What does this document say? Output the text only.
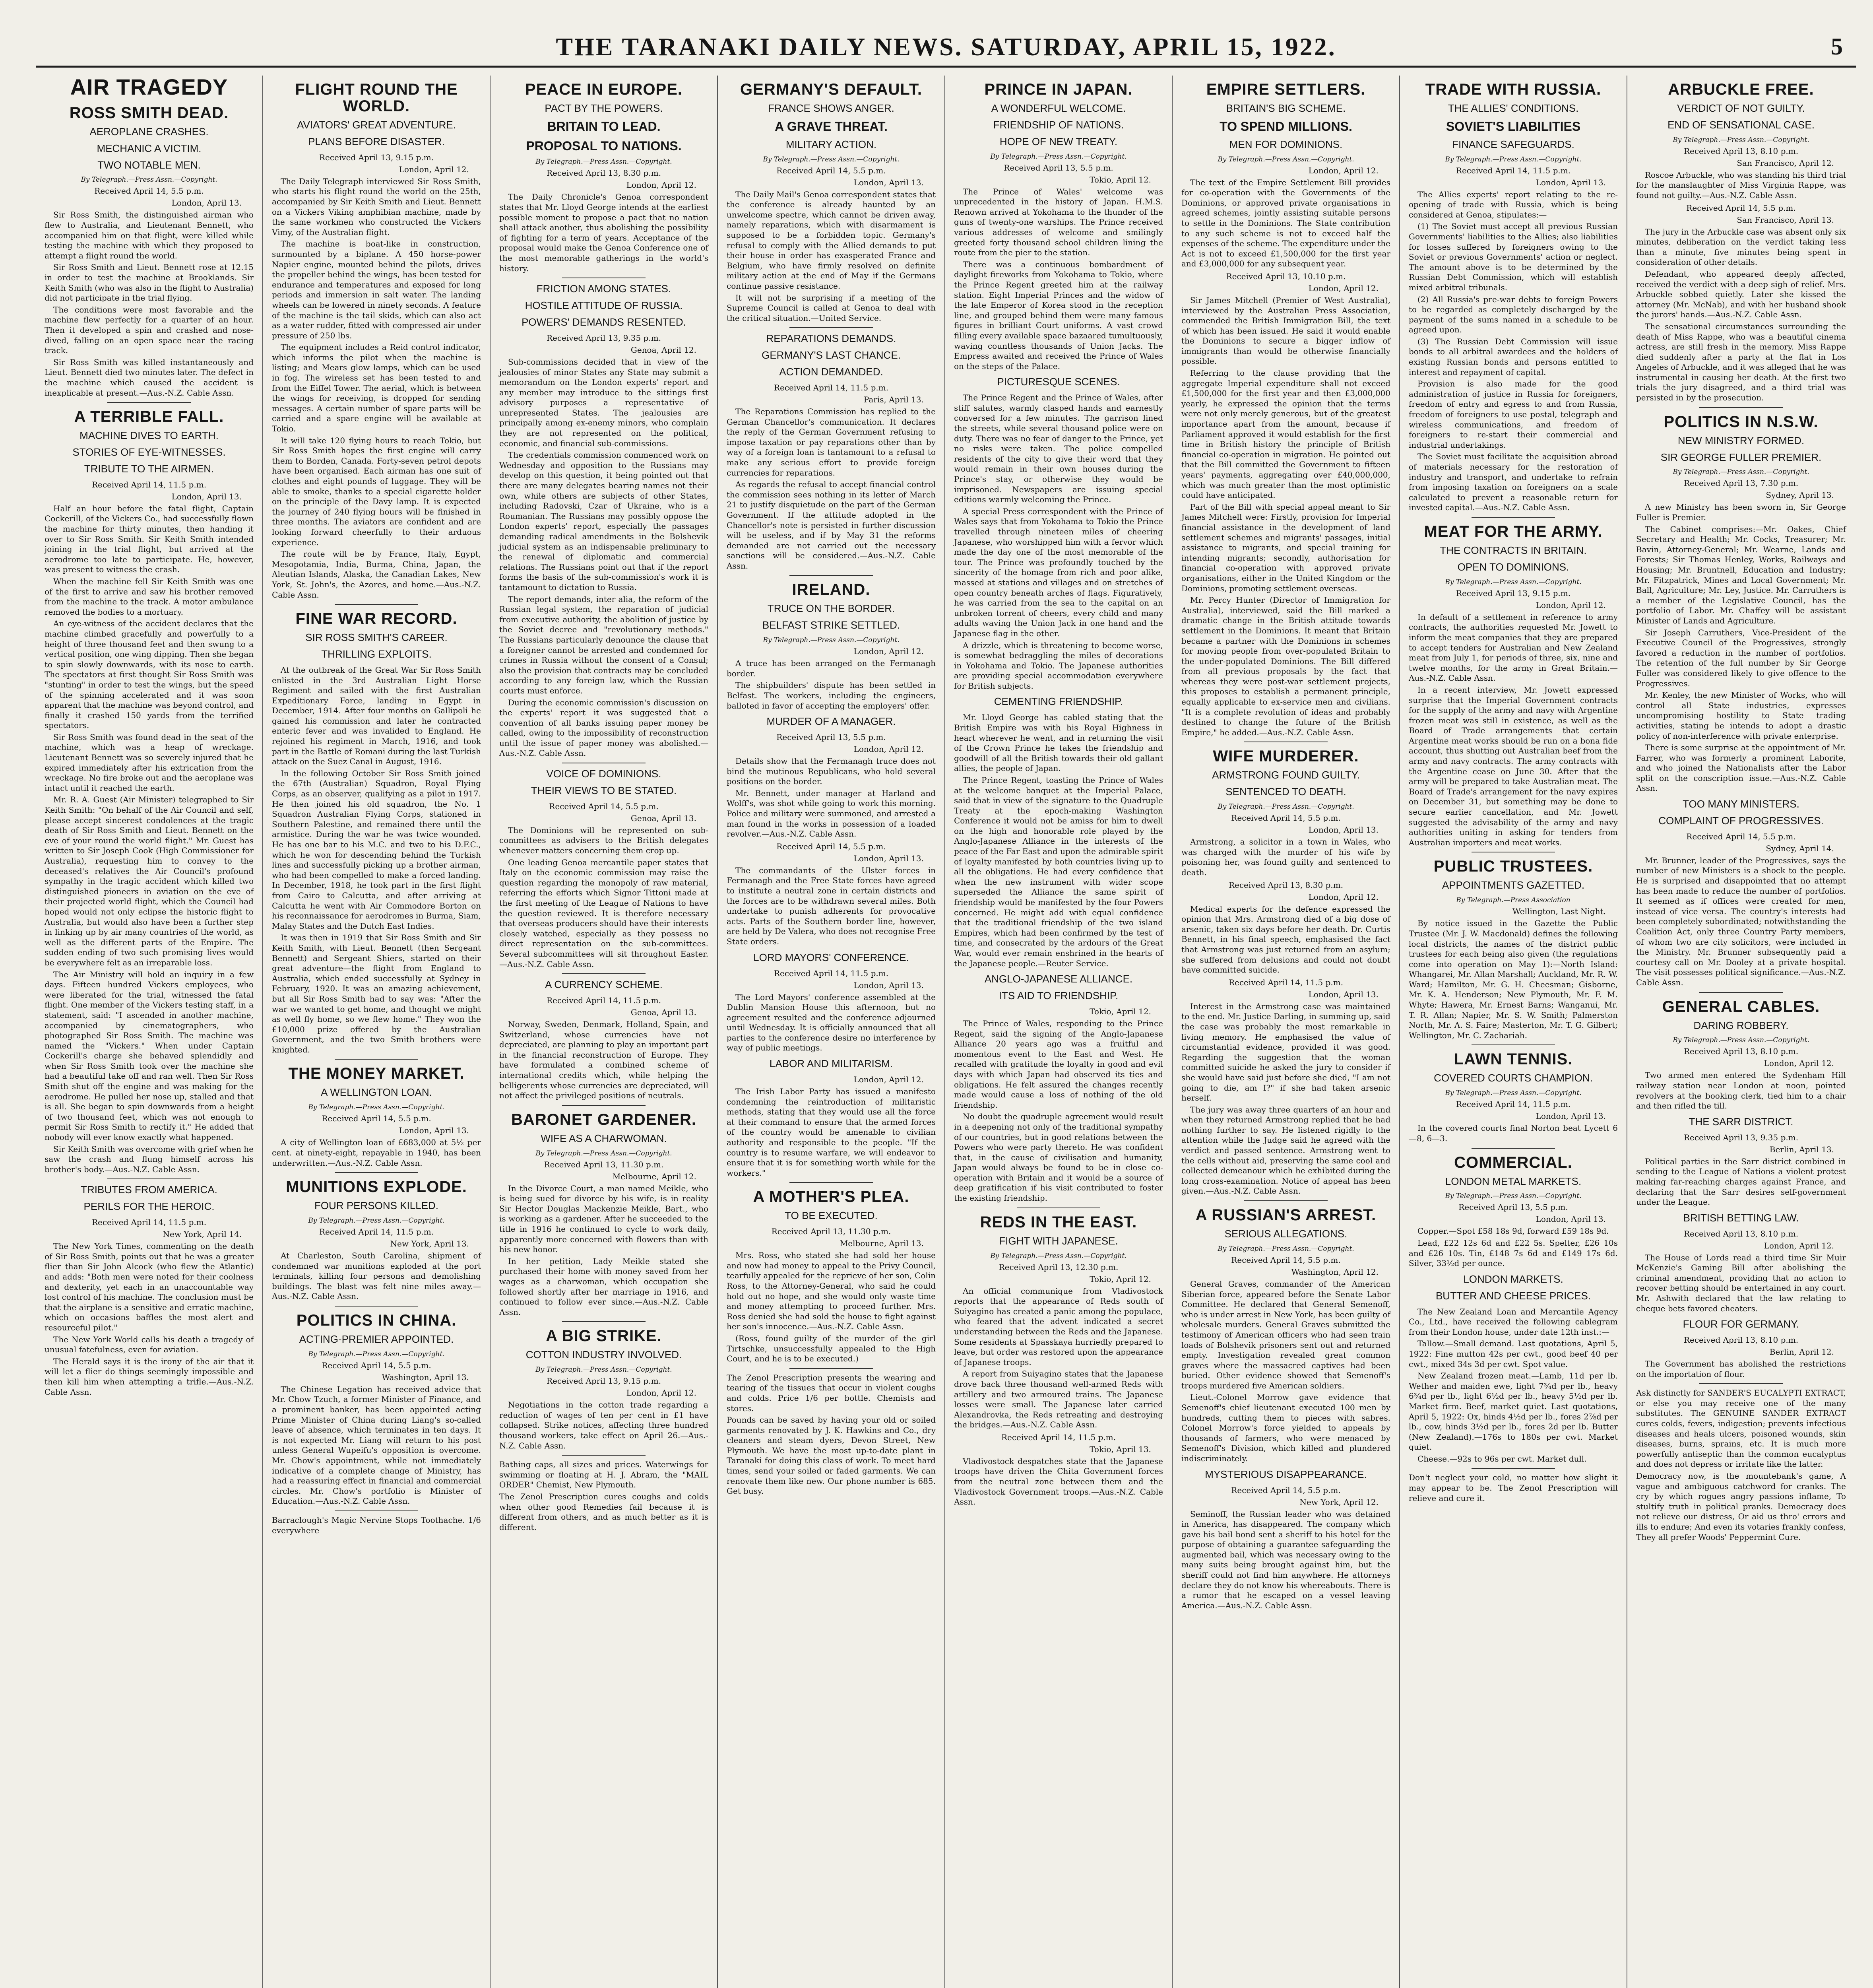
THE TARANAKI DAILY NEWS. SATURDAY, APRIL 15, 1922.	5
AIR TRAGEDY
ROSS SMITH DEAD.
AEROPLANE CRASHES.
MECHANIC A VICTIM.
TWO NOTABLE MEN.
By Telegraph.—Press Assn.—Copyright.
Received April 14, 5.5 p.m.
London, April 13.

Sir Ross Smith, the distinguished airman who flew to Australia, and Lieutenant Bennett, who accompanied him on that flight, were killed while testing the machine with which they proposed to attempt a flight round the world.

Sir Ross Smith and Lieut. Bennett rose at 12.15 in order to test the machine at Brooklands. Sir Keith Smith (who was also in the flight to Australia) did not participate in the trial flying.

The conditions were most favorable and the machine flew perfectly for a quarter of an hour. Then it developed a spin and crashed and nose-dived, falling on an open space near the racing track.

Sir Ross Smith was killed instantaneously and Lieut. Bennett died two minutes later. The defect in the machine which caused the accident is inexplicable at present.—Aus.-N.Z. Cable Assn.

A TERRIBLE FALL.
MACHINE DIVES TO EARTH.
STORIES OF EYE-WITNESSES.
TRIBUTE TO THE AIRMEN.
Received April 14, 11.5 p.m.
London, April 13.

Half an hour before the fatal flight, Captain Cockerill, of the Vickers Co., had successfully flown the machine for thirty minutes, then handing it over to Sir Ross Smith. Sir Keith Smith intended joining in the trial flight, but arrived at the aerodrome too late to participate. He, however, was present to witness the crash.

When the machine fell Sir Keith Smith was one of the first to arrive and saw his brother removed from the machine to the track. A motor ambulance removed the bodies to a mortuary.

An eye-witness of the accident declares that the machine climbed gracefully and powerfully to a height of three thousand feet and then swung to a vertical position, one wing dipping. Then she began to spin slowly downwards, with its nose to earth. The spectators at first thought Sir Ross Smith was "stunting" in order to test the wings, but the speed of the spinning accelerated and it was soon apparent that the machine was beyond control, and finally it crashed 150 yards from the terrified spectators.

Sir Ross Smith was found dead in the seat of the machine, which was a heap of wreckage. Lieutenant Bennett was so severely injured that he expired immediately after his extrication from the wreckage. No fire broke out and the aeroplane was intact until it reached the earth.

Mr. R. A. Guest (Air Minister) telegraphed to Sir Keith Smith: "On behalf of the Air Council and self, please accept sincerest condolences at the tragic death of Sir Ross Smith and Lieut. Bennett on the eve of your round the world flight." Mr. Guest has written to Sir Joseph Cook (High Commissioner for Australia), requesting him to convey to the deceased's relatives the Air Council's profound sympathy in the tragic accident which killed two distinguished pioneers in aviation on the eve of their projected world flight, which the Council had hoped would not only eclipse the historic flight to Australia, but would also have been a further step in linking up by air many countries of the world, as well as the different parts of the Empire. The sudden ending of two such promising lives would be everywhere felt as an irreparable loss.

The Air Ministry will hold an inquiry in a few days. Fifteen hundred Vickers employees, who were liberated for the trial, witnessed the fatal flight. One member of the Vickers testing staff, in a statement, said: "I ascended in another machine, accompanied by cinematographers, who photographed Sir Ross Smith. The machine was named the "Vickers." When under Captain Cockerill's charge she behaved splendidly and when Sir Ross Smith took over the machine she had a beautiful take off and ran well. Then Sir Ross Smith shut off the engine and was making for the aerodrome. He pulled her nose up, stalled and that is all. She began to spin downwards from a height of two thousand feet, which was not enough to permit Sir Ross Smith to rectify it." He added that nobody will ever know exactly what happened.

Sir Keith Smith was overcome with grief when he saw the crash and flung himself across his brother's body.—Aus.-N.Z. Cable Assn.

TRIBUTES FROM AMERICA.
PERILS FOR THE HEROIC.
Received April 14, 11.5 p.m.
New York, April 14.

The New York Times, commenting on the death of Sir Ross Smith, points out that he was a greater flier than Sir John Alcock (who flew the Atlantic) and adds: "Both men were noted for their coolness and dexterity, yet each in an unaccountable way lost control of his machine. The conclusion must be that the airplane is a sensitive and erratic machine, which on occasions baffles the most alert and resourceful pilot."

The New York World calls his death a tragedy of unusual fatefulness, even for aviation.

The Herald says it is the irony of the air that it will let a flier do things seemingly impossible and then kill him when attempting a trifle.—Aus.-N.Z. Cable Assn.

FLIGHT ROUND THE WORLD.
AVIATORS' GREAT ADVENTURE.
PLANS BEFORE DISASTER.
Received April 13, 9.15 p.m.
London, April 12.

The Daily Telegraph interviewed Sir Ross Smith, who starts his flight round the world on the 25th, accompanied by Sir Keith Smith and Lieut. Bennett on a Vickers Viking amphibian machine, made by the same workmen who constructed the Vickers Vimy, of the Australian flight.

The machine is boat-like in construction, surmounted by a biplane. A 450 horse-power Napier engine, mounted behind the pilots, drives the propeller behind the wings, has been tested for endurance and temperatures and exposed for long periods and immersion in salt water. The landing wheels can be lowered in ninety seconds. A feature of the machine is the tail skids, which can also act as a water rudder, fitted with compressed air under pressure of 250 lbs.

The equipment includes a Reid control indicator, which informs the pilot when the machine is listing; and Mears glow lamps, which can be used in fog. The wireless set has been tested to and from the Eiffel Tower. The aerial, which is between the wings for receiving, is dropped for sending messages. A certain number of spare parts will be carried and a spare engine will be available at Tokio.

It will take 120 flying hours to reach Tokio, but Sir Ross Smith hopes the first engine will carry them to Borden, Canada. Forty-seven petrol depots have been organised. Each airman has one suit of clothes and eight pounds of luggage. They will be able to smoke, thanks to a special cigarette holder on the principle of the Davy lamp. It is expected the journey of 240 flying hours will be finished in three months. The aviators are confident and are looking forward cheerfully to their arduous experience.

The route will be by France, Italy, Egypt, Mesopotamia, India, Burma, China, Japan, the Aleutian Islands, Alaska, the Canadian Lakes, New York, St. John's, the Azores, and home.—Aus.-N.Z. Cable Assn.

FINE WAR RECORD.
SIR ROSS SMITH'S CAREER.
THRILLING EXPLOITS.

At the outbreak of the Great War Sir Ross Smith enlisted in the 3rd Australian Light Horse Regiment and sailed with the first Australian Expeditionary Force, landing in Egypt in December, 1914. After four months on Gallipoli he gained his commission and later he contracted enteric fever and was invalided to England. He rejoined his regiment in March, 1916, and took part in the Battle of Romani during the last Turkish attack on the Suez Canal in August, 1916.

In the following October Sir Ross Smith joined the 67th (Australian) Squadron, Royal Flying Corps, as an observer, qualifying as a pilot in 1917. He then joined his old squadron, the No. 1 Squadron Australian Flying Corps, stationed in Southern Palestine, and remained there until the armistice. During the war he was twice wounded. He has one bar to his M.C. and two to his D.F.C., which he won for descending behind the Turkish lines and successfully picking up a brother airman, who had been compelled to make a forced landing. In December, 1918, he took part in the first flight from Cairo to Calcutta, and after arriving at Calcutta he went with Air Commodore Borton on his reconnaissance for aerodromes in Burma, Siam, Malay States and the Dutch East Indies.

It was then in 1919 that Sir Ross Smith and Sir Keith Smith, with Lieut. Bennett (then Sergeant Bennett) and Sergeant Shiers, started on their great adventure—the flight from England to Australia, which ended successfully at Sydney in February, 1920. It was an amazing achievement, but all Sir Ross Smith had to say was: "After the war we wanted to get home, and thought we might as well fly home, so we flew home." They won the £10,000 prize offered by the Australian Government, and the two Smith brothers were knighted.

THE MONEY MARKET.
A WELLINGTON LOAN.
By Telegraph.—Press Assn.—Copyright.
Received April 14, 5.5 p.m.
London, April 13.

A city of Wellington loan of £683,000 at 5½ per cent. at ninety-eight, repayable in 1940, has been underwritten.—Aus.-N.Z. Cable Assn.

MUNITIONS EXPLODE.
FOUR PERSONS KILLED.
By Telegraph.—Press Assn.—Copyright.
Received April 14, 11.5 p.m.
New York, April 13.

At Charleston, South Carolina, shipment of condemned war munitions exploded at the port terminals, killing four persons and demolishing buildings. The blast was felt nine miles away.—Aus.-N.Z. Cable Assn.

POLITICS IN CHINA.
ACTING-PREMIER APPOINTED.
By Telegraph.—Press Assn.—Copyright.
Received April 14, 5.5 p.m.
Washington, April 13.

The Chinese Legation has received advice that Mr. Chow Tzuch, a former Minister of Finance, and a prominent banker, has been appointed acting Prime Minister of China during Liang's so-called leave of absence, which terminates in ten days. It is not expected Mr. Liang will return to his post unless General Wupeifu's opposition is overcome. Mr. Chow's appointment, while not immediately indicative of a complete change of Ministry, has had a reassuring effect in financial and commercial circles. Mr. Chow's portfolio is Minister of Education.—Aus.-N.Z. Cable Assn.

Barraclough's Magic Nervine Stops Toothache. 1/6 everywhere

PEACE IN EUROPE.
PACT BY THE POWERS.
BRITAIN TO LEAD.
PROPOSAL TO NATIONS.
By Telegraph.—Press Assn.—Copyright.
Received April 13, 8.30 p.m.
London, April 12.

The Daily Chronicle's Genoa correspondent states that Mr. Lloyd George intends at the earliest possible moment to propose a pact that no nation shall attack another, thus abolishing the possibility of fighting for a term of years. Acceptance of the proposal would make the Genoa Conference one of the most memorable gatherings in the world's history.

FRICTION AMONG STATES.
HOSTILE ATTITUDE OF RUSSIA.
POWERS' DEMANDS RESENTED.
Received April 13, 9.35 p.m.
Genoa, April 12.

Sub-commissions decided that in view of the jealousies of minor States any State may submit a memorandum on the London experts' report and any member may introduce to the sittings first advisory purposes a representative of unrepresented States. The jealousies are principally among ex-enemy minors, who complain they are not represented on the political, economic, and financial sub-commissions.

The credentials commission commenced work on Wednesday and opposition to the Russians may develop on this question, it being pointed out that there are many delegates bearing names not their own, while others are subjects of other States, including Radovski, Czar of Ukraine, who is a Roumanian. The Russians may possibly oppose the London experts' report, especially the passages demanding radical amendments in the Bolshevik judicial system as an indispensable preliminary to the renewal of diplomatic and commercial relations. The Russians point out that if the report forms the basis of the sub-commission's work it is tantamount to dictation to Russia.

The report demands, inter alia, the reform of the Russian legal system, the reparation of judicial from executive authority, the abolition of justice by the Soviet decree and "revolutionary methods." The Russians particularly denounce the clause that a foreigner cannot be arrested and condemned for crimes in Russia without the consent of a Consul; also the provision that contracts may be concluded according to any foreign law, which the Russian courts must enforce.

During the economic commission's discussion on the experts' report it was suggested that a convention of all banks issuing paper money be called, owing to the impossibility of reconstruction until the issue of paper money was abolished.—Aus.-N.Z. Cable Assn.

VOICE OF DOMINIONS.
THEIR VIEWS TO BE STATED.
Received April 14, 5.5 p.m.
Genoa, April 13.

The Dominions will be represented on sub-committees as advisers to the British delegates whenever matters concerning them crop up.

One leading Genoa mercantile paper states that Italy on the economic commission may raise the question regarding the monopoly of raw material, referring the efforts which Signor Tittoni made at the first meeting of the League of Nations to have the question reviewed. It is therefore necessary that overseas producers should have their interests closely watched, especially as they possess no direct representation on the sub-committees. Several subcommittees will sit throughout Easter.—Aus.-N.Z. Cable Assn.

A CURRENCY SCHEME.
Received April 14, 11.5 p.m.
Genoa, April 13.

Norway, Sweden, Denmark, Holland, Spain, and Switzerland, whose currencies have not depreciated, are planning to play an important part in the financial reconstruction of Europe. They have formulated a combined scheme of international credits which, while helping the belligerents whose currencies are depreciated, will not affect the privileged positions of neutrals.

BARONET GARDENER.
WIFE AS A CHARWOMAN.
By Telegraph.—Press Assn.—Copyright.
Received April 13, 11.30 p.m.
Melbourne, April 12.

In the Divorce Court, a man named Meikle, who is being sued for divorce by his wife, is in reality Sir Hector Douglas Mackenzie Meikle, Bart., who is working as a gardener. After he succeeded to the title in 1916 he continued to cycle to work daily, apparently more concerned with flowers than with his new honor.

In her petition, Lady Meikle stated she purchased their home with money saved from her wages as a charwoman, which occupation she followed shortly after her marriage in 1916, and continued to follow ever since.—Aus.-N.Z. Cable Assn.

A BIG STRIKE.
COTTON INDUSTRY INVOLVED.
By Telegraph.—Press Assn.—Copyright.
Received April 13, 9.15 p.m.
London, April 12.

Negotiations in the cotton trade regarding a reduction of wages of ten per cent in £1 have collapsed. Strike notices, affecting three hundred thousand workers, take effect on April 26.—Aus.-N.Z. Cable Assn.

Bathing caps, all sizes and prices. Waterwings for swimming or floating at H. J. Abram, the "MAIL ORDER" Chemist, New Plymouth.

The Zenol Prescription cures coughs and colds when other good Remedies fail because it is different from others, and as much better as it is different.

GERMANY'S DEFAULT.
FRANCE SHOWS ANGER.
A GRAVE THREAT.
MILITARY ACTION.
By Telegraph.—Press Assn.—Copyright.
Received April 14, 5.5 p.m.
London, April 13.

The Daily Mail's Genoa correspondent states that the conference is already haunted by an unwelcome spectre, which cannot be driven away, namely reparations, which with disarmament is supposed to be a forbidden topic. Germany's refusal to comply with the Allied demands to put their house in order has exasperated France and Belgium, who have firmly resolved on definite military action at the end of May if the Germans continue passive resistance.

It will not be surprising if a meeting of the Supreme Council is called at Genoa to deal with the critical situation.—United Service.

REPARATIONS DEMANDS.
GERMANY'S LAST CHANCE.
ACTION DEMANDED.
Received April 14, 11.5 p.m.
Paris, April 13.

The Reparations Commission has replied to the German Chancellor's communication. It declares the reply of the German Government refusing to impose taxation or pay reparations other than by way of a foreign loan is tantamount to a refusal to make any serious effort to provide foreign currencies for reparations.

As regards the refusal to accept financial control the commission sees nothing in its letter of March 21 to justify disquietude on the part of the German Government. If the attitude adopted in the Chancellor's note is persisted in further discussion will be useless, and if by May 31 the reforms demanded are not carried out the necessary sanctions will be considered.—Aus.-N.Z. Cable Assn.

IRELAND.
TRUCE ON THE BORDER.
BELFAST STRIKE SETTLED.
By Telegraph.—Press Assn.—Copyright.
London, April 12.

A truce has been arranged on the Fermanagh border.

The shipbuilders' dispute has been settled in Belfast. The workers, including the engineers, balloted in favor of accepting the employers' offer.

MURDER OF A MANAGER.
Received April 13, 5.5 p.m.
London, April 12.

Details show that the Fermanagh truce does not bind the mutinous Republicans, who hold several positions on the border.

Mr. Bennett, under manager at Harland and Wolff's, was shot while going to work this morning. Police and military were summoned, and arrested a man found in the works in possession of a loaded revolver.—Aus.-N.Z. Cable Assn.

Received April 14, 5.5 p.m.
London, April 13.

The commandants of the Ulster forces in Fermanagh and the Free State forces have agreed to institute a neutral zone in certain districts and the forces are to be withdrawn several miles. Both undertake to punish adherents for provocative acts. Parts of the Southern border line, however, are held by De Valera, who does not recognise Free State orders.

LORD MAYORS' CONFERENCE.
Received April 14, 11.5 p.m.
London, April 13.

The Lord Mayors' conference assembled at the Dublin Mansion House this afternoon, but no agreement resulted and the conference adjourned until Wednesday. It is officially announced that all parties to the conference desire no interference by way of public meetings.

LABOR AND MILITARISM.
London, April 12.

The Irish Labor Party has issued a manifesto condemning the reintroduction of militaristic methods, stating that they would use all the force at their command to ensure that the armed forces of the country would be amenable to civilian authority and responsible to the people. "If the country is to resume warfare, we will endeavor to ensure that it is for something worth while for the workers."

A MOTHER'S PLEA.
TO BE EXECUTED.
Received April 13, 11.30 p.m.
Melbourne, April 13.

Mrs. Ross, who stated she had sold her house and now had money to appeal to the Privy Council, tearfully appealed for the reprieve of her son, Colin Ross, to the Attorney-General, who said he could hold out no hope, and she would only waste time and money attempting to proceed further. Mrs. Ross denied she had sold the house to fight against her son's innocence.—Aus.-N.Z. Cable Assn.

(Ross, found guilty of the murder of the girl Tirtschke, unsuccessfully appealed to the High Court, and he is to be executed.)

The Zenol Prescription presents the wearing and tearing of the tissues that occur in violent coughs and colds. Price 1/6 per bottle. Chemists and stores.

Pounds can be saved by having your old or soiled garments renovated by J. K. Hawkins and Co., dry cleaners and steam dyers, Devon Street, New Plymouth. We have the most up-to-date plant in Taranaki for doing this class of work. To meet hard times, send your soiled or faded garments. We can renovate them like new. Our phone number is 685. Get busy.

PRINCE IN JAPAN.
A WONDERFUL WELCOME.
FRIENDSHIP OF NATIONS.
HOPE OF NEW TREATY.
By Telegraph.—Press Assn.—Copyright.
Received April 13, 5.5 p.m.
Tokio, April 12.

The Prince of Wales' welcome was unprecedented in the history of Japan. H.M.S. Renown arrived at Yokohama to the thunder of the guns of twenty-one warships. The Prince received various addresses of welcome and smilingly greeted forty thousand school children lining the route from the pier to the station.

There was a continuous bombardment of daylight fireworks from Yokohama to Tokio, where the Prince Regent greeted him at the railway station. Eight Imperial Princes and the widow of the late Emperor of Korea stood in the reception line, and grouped behind them were many famous figures in brilliant Court uniforms. A vast crowd filling every available space bazaared tumultuously, waving countless thousands of Union Jacks. The Empress awaited and received the Prince of Wales on the steps of the Palace.

PICTURESQUE SCENES.

The Prince Regent and the Prince of Wales, after stiff salutes, warmly clasped hands and earnestly conversed for a few minutes. The garrison lined the streets, while several thousand police were on duty. There was no fear of danger to the Prince, yet no risks were taken. The police compelled residents of the city to give their word that they would remain in their own houses during the Prince's stay, or otherwise they would be imprisoned. Newspapers are issuing special editions warmly welcoming the Prince.

A special Press correspondent with the Prince of Wales says that from Yokohama to Tokio the Prince travelled through nineteen miles of cheering Japanese, who worshipped him with a fervor which made the day one of the most memorable of the tour. The Prince was profoundly touched by the sincerity of the homage from rich and poor alike, massed at stations and villages and on stretches of open country beneath arches of flags. Figuratively, he was carried from the sea to the capital on an unbroken torrent of cheers, every child and many adults waving the Union Jack in one hand and the Japanese flag in the other.

A drizzle, which is threatening to become worse, is somewhat bedraggling the miles of decorations in Yokohama and Tokio. The Japanese authorities are providing special accommodation everywhere for British subjects.

CEMENTING FRIENDSHIP.

Mr. Lloyd George has cabled stating that the British Empire was with his Royal Highness in heart wherever he went, and in returning the visit of the Crown Prince he takes the friendship and goodwill of all the British towards their old gallant allies, the people of Japan.

The Prince Regent, toasting the Prince of Wales at the welcome banquet at the Imperial Palace, said that in view of the signature to the Quadruple Treaty at the epoch-making Washington Conference it would not be amiss for him to dwell on the high and honorable role played by the Anglo-Japanese Alliance in the interests of the peace of the Far East and upon the admirable spirit of loyalty manifested by both countries living up to all the obligations. He had every confidence that when the new instrument with wider scope superseded the Alliance the same spirit of friendship would be manifested by the four Powers concerned. He might add with equal confidence that the traditional friendship of the two island Empires, which had been confirmed by the test of time, and consecrated by the ardours of the Great War, would ever remain enshrined in the hearts of the Japanese people.—Reuter Service.

ANGLO-JAPANESE ALLIANCE.
ITS AID TO FRIENDSHIP.
Tokio, April 12.

The Prince of Wales, responding to the Prince Regent, said the signing of the Anglo-Japanese Alliance 20 years ago was a fruitful and momentous event to the East and West. He recalled with gratitude the loyalty in good and evil days with which Japan had observed its ties and obligations. He felt assured the changes recently made would cause a loss of nothing of the old friendship.

No doubt the quadruple agreement would result in a deepening not only of the traditional sympathy of our countries, but in good relations between the Powers who were party thereto. He was confident that, in the cause of civilisation and humanity, Japan would always be found to be in close co-operation with Britain and it would be a source of deep gratification if his visit contributed to foster the existing friendship.

REDS IN THE EAST.
FIGHT WITH JAPANESE.
By Telegraph.—Press Assn.—Copyright.
Received April 13, 12.30 p.m.
Tokio, April 12.

An official communique from Vladivostock reports that the appearance of Reds south of Suiyagino has created a panic among the populace, who feared that the advent indicated a secret understanding between the Reds and the Japanese. Some residents at Spasskaya hurriedly prepared to leave, but order was restored upon the appearance of Japanese troops.

A report from Suiyagino states that the Japanese drove back three thousand well-armed Reds with artillery and two armoured trains. The Japanese losses were small. The Japanese later carried Alexandrovka, the Reds retreating and destroying the bridges.—Aus.-N.Z. Cable Assn.

Received April 14, 11.5 p.m.
Tokio, April 13.

Vladivostock despatches state that the Japanese troops have driven the Chita Government forces from the neutral zone between them and the Vladivostock Government troops.—Aus.-N.Z. Cable Assn.

EMPIRE SETTLERS.
BRITAIN'S BIG SCHEME.
TO SPEND MILLIONS.
MEN FOR DOMINIONS.
By Telegraph.—Press Assn.—Copyright.
London, April 12.

The text of the Empire Settlement Bill provides for co-operation with the Governments of the Dominions, or approved private organisations in agreed schemes, jointly assisting suitable persons to settle in the Dominions. The State contribution to any such scheme is not to exceed half the expenses of the scheme. The expenditure under the Act is not to exceed £1,500,000 for the first year and £3,000,000 for any subsequent year.

Received April 13, 10.10 p.m.
London, April 12.

Sir James Mitchell (Premier of West Australia), interviewed by the Australian Press Association, commended the British Immigration Bill, the text of which has been issued. He said it would enable the Dominions to secure a bigger inflow of immigrants than would be otherwise financially possible.

Referring to the clause providing that the aggregate Imperial expenditure shall not exceed £1,500,000 for the first year and then £3,000,000 yearly, he expressed the opinion that the terms were not only merely generous, but of the greatest importance apart from the amount, because if Parliament approved it would establish for the first time in British history the principle of British financial co-operation in migration. He pointed out that the Bill committed the Government to fifteen years' payments, aggregating over £40,000,000, which was much greater than the most optimistic could have anticipated.

Part of the Bill with special appeal meant to Sir James Mitchell were: Firstly, provision for Imperial financial assistance in the development of land settlement schemes and migrants' passages, initial assistance to migrants, and special training for intending migrants; secondly, authorisation for financial co-operation with approved private organisations, either in the United Kingdom or the Dominions, promoting settlement overseas.

Mr. Percy Hunter (Director of Immigration for Australia), interviewed, said the Bill marked a dramatic change in the British attitude towards settlement in the Dominions. It meant that Britain became a partner with the Dominions in schemes for moving people from over-populated Britain to the under-populated Dominions. The Bill differed from all previous proposals by the fact that whereas they were post-war settlement projects, this proposes to establish a permanent principle, equally applicable to ex-service men and civilians. "It is a complete revolution of ideas and probably destined to change the future of the British Empire," he added.—Aus.-N.Z. Cable Assn.

WIFE MURDERER.
ARMSTRONG FOUND GUILTY.
SENTENCED TO DEATH.
By Telegraph.—Press Assn.—Copyright.
Received April 14, 5.5 p.m.
London, April 13.

Armstrong, a solicitor in a town in Wales, who was charged with the murder of his wife by poisoning her, was found guilty and sentenced to death.

Received April 13, 8.30 p.m.
London, April 12.

Medical experts for the defence expressed the opinion that Mrs. Armstrong died of a big dose of arsenic, taken six days before her death. Dr. Curtis Bennett, in his final speech, emphasised the fact that Armstrong was just returned from an asylum; she suffered from delusions and could not doubt have committed suicide.

Received April 14, 11.5 p.m.
London, April 13.

Interest in the Armstrong case was maintained to the end. Mr. Justice Darling, in summing up, said the case was probably the most remarkable in living memory. He emphasised the value of circumstantial evidence, provided it was good. Regarding the suggestion that the woman committed suicide he asked the jury to consider if she would have said just before she died, "I am not going to die, am I?" if she had taken arsenic herself.

The jury was away three quarters of an hour and when they returned Armstrong replied that he had nothing further to say. He listened rigidly to the attention while the Judge said he agreed with the verdict and passed sentence. Armstrong went to the cells without aid, preserving the same cool and collected demeanour which he exhibited during the long cross-examination. Notice of appeal has been given.—Aus.-N.Z. Cable Assn.

A RUSSIAN'S ARREST.
SERIOUS ALLEGATIONS.
By Telegraph.—Press Assn.—Copyright.
Received April 14, 5.5 p.m.
Washington, April 12.

General Graves, commander of the American Siberian force, appeared before the Senate Labor Committee. He declared that General Semenoff, who is under arrest in New York, has been guilty of wholesale murders. General Graves submitted the testimony of American officers who had seen train loads of Bolshevik prisoners sent out and returned empty. Investigation revealed great common graves where the massacred captives had been buried. Other evidence showed that Semenoff's troops murdered five American soldiers.

Lieut.-Colonel Morrow gave evidence that Semenoff's chief lieutenant executed 100 men by hundreds, cutting them to pieces with sabres. Colonel Morrow's force yielded to appeals by thousands of farmers, who were menaced by Semenoff's Division, which killed and plundered indiscriminately.

MYSTERIOUS DISAPPEARANCE.
Received April 14, 5.5 p.m.
New York, April 12.

Seminoff, the Russian leader who was detained in America, has disappeared. The company which gave his bail bond sent a sheriff to his hotel for the purpose of obtaining a guarantee safeguarding the augmented bail, which was necessary owing to the many suits being brought against him, but the sheriff could not find him anywhere. He attorneys declare they do not know his whereabouts. There is a rumor that he escaped on a vessel leaving America.—Aus.-N.Z. Cable Assn.

TRADE WITH RUSSIA.
THE ALLIES' CONDITIONS.
SOVIET'S LIABILITIES
FINANCE SAFEGUARDS.
By Telegraph.—Press Assn.—Copyright.
Received April 14, 11.5 p.m.
London, April 13.

The Allies experts' report relating to the re-opening of trade with Russia, which is being considered at Genoa, stipulates:—

(1) The Soviet must accept all previous Russian Governments' liabilities to the Allies; also liabilities for losses suffered by foreigners owing to the Soviet or previous Governments' action or neglect. The amount above is to be determined by the Russian Debt Commission, which will establish mixed arbitral tribunals.

(2) All Russia's pre-war debts to foreign Powers to be regarded as completely discharged by the payment of the sums named in a schedule to be agreed upon.

(3) The Russian Debt Commission will issue bonds to all arbitral awardees and the holders of existing Russian bonds and persons entitled to interest and repayment of capital.

Provision is also made for the good administration of justice in Russia for foreigners, freedom of entry and egress to and from Russia, freedom of foreigners to use postal, telegraph and wireless communications, and freedom of foreigners to re-start their commercial and industrial undertakings.

The Soviet must facilitate the acquisition abroad of materials necessary for the restoration of industry and transport, and undertake to refrain from imposing taxation on foreigners on a scale calculated to prevent a reasonable return for invested capital.—Aus.-N.Z. Cable Assn.

MEAT FOR THE ARMY.
THE CONTRACTS IN BRITAIN.
OPEN TO DOMINIONS.
By Telegraph.—Press Assn.—Copyright.
Received April 13, 9.15 p.m.
London, April 12.

In default of a settlement in reference to army contracts, the authorities requested Mr. Jowett to inform the meat companies that they are prepared to accept tenders for Australian and New Zealand meat from July 1, for periods of three, six, nine and twelve months, for the army in Great Britain.—Aus.-N.Z. Cable Assn.

In a recent interview, Mr. Jowett expressed surprise that the Imperial Government contracts for the supply of the army and navy with Argentine frozen meat was still in existence, as well as the Board of Trade arrangements that certain Argentine meat works should be run on a bona fide account, thus shutting out Australian beef from the army and navy contracts. The army contracts with the Argentine cease on June 30. After that the army will be prepared to take Australian meat. The Board of Trade's arrangement for the navy expires on December 31, but something may be done to secure earlier cancellation, and Mr. Jowett suggested the advisability of the army and navy authorities uniting in asking for tenders from Australian importers and meat works.

PUBLIC TRUSTEES.
APPOINTMENTS GAZETTED.
By Telegraph.—Press Association
Wellington, Last Night.

By notice issued in the Gazette the Public Trustee (Mr. J. W. Macdonald) defines the following local districts, the names of the district public trustees for each being also given (the regulations come into operation on May 1):—North Island: Whangarei, Mr. Allan Marshall; Auckland, Mr. R. W. Ward; Hamilton, Mr. G. H. Cheesman; Gisborne, Mr. K. A. Henderson; New Plymouth, Mr. F. M. Whyte; Hawera, Mr. Ernest Barns; Wanganui, Mr. T. R. Allan; Napier, Mr. S. W. Smith; Palmerston North, Mr. A. S. Faire; Masterton, Mr. T. G. Gilbert; Wellington, Mr. C. Zachariah.

LAWN TENNIS.
COVERED COURTS CHAMPION.
By Telegraph.—Press Assn.—Copyright.
Received April 14, 11.5 p.m.
London, April 13.

In the covered courts final Norton beat Lycett 6—8, 6—3.

COMMERCIAL.
LONDON METAL MARKETS.
By Telegraph.—Press Assn.—Copyright.
Received April 13, 5.5 p.m.
London, April 13.

Copper.—Spot £58 18s 9d, forward £59 18s 9d.

Lead, £22 12s 6d and £22 5s. Spelter, £26 10s and £26 10s. Tin, £148 7s 6d and £149 17s 6d. Silver, 33½d per ounce.

LONDON MARKETS.
BUTTER AND CHEESE PRICES.

The New Zealand Loan and Mercantile Agency Co., Ltd., have received the following cablegram from their London house, under date 12th inst.:—

Tallow.—Small demand. Last quotations, April 5, 1922: Fine mutton 42s per cwt., good beef 40 per cwt., mixed 34s 3d per cwt. Spot value.

New Zealand frozen meat.—Lamb, 11d per lb. Wether and maiden ewe, light 7¾d per lb., heavy 6¾d per lb., light 6½d per lb., heavy 5½d per lb. Market firm. Beef, market quiet. Last quotations, April 5, 1922: Ox, hinds 4½d per lb., fores 2⅞d per lb., cow, hinds 3½d per lb., fores 2d per lb. Butter (New Zealand).—176s to 180s per cwt. Market quiet.

Cheese.—92s to 96s per cwt. Market dull.

Don't neglect your cold, no matter how slight it may appear to be. The Zenol Prescription will relieve and cure it.

ARBUCKLE FREE.
VERDICT OF NOT GUILTY.
END OF SENSATIONAL CASE.
By Telegraph.—Press Assn.—Copyright.
Received April 13, 8.10 p.m.
San Francisco, April 12.

Roscoe Arbuckle, who was standing his third trial for the manslaughter of Miss Virginia Rappe, was found not guilty.—Aus.-N.Z. Cable Assn.

Received April 14, 5.5 p.m.
San Francisco, April 13.

The jury in the Arbuckle case was absent only six minutes, deliberation on the verdict taking less than a minute, five minutes being spent in consideration of other details.

Defendant, who appeared deeply affected, received the verdict with a deep sigh of relief. Mrs. Arbuckle sobbed quietly. Later she kissed the attorney (Mr. McNab), and with her husband shook the jurors' hands.—Aus.-N.Z. Cable Assn.

The sensational circumstances surrounding the death of Miss Rappe, who was a beautiful cinema actress, are still fresh in the memory. Miss Rappe died suddenly after a party at the flat in Los Angeles of Arbuckle, and it was alleged that he was instrumental in causing her death. At the first two trials the jury disagreed, and a third trial was persisted in by the prosecution.

POLITICS IN N.S.W.
NEW MINISTRY FORMED.
SIR GEORGE FULLER PREMIER.
By Telegraph.—Press Assn.—Copyright.
Received April 13, 7.30 p.m.
Sydney, April 13.

A new Ministry has been sworn in, Sir George Fuller is Premier.

The Cabinet comprises:—Mr. Oakes, Chief Secretary and Health; Mr. Cocks, Treasurer; Mr. Bavin, Attorney-General; Mr. Wearne, Lands and Forests; Sir Thomas Henley, Works, Railways and Housing; Mr. Bruntnell, Education and Industry; Mr. Fitzpatrick, Mines and Local Government; Mr. Ball, Agriculture; Mr. Ley, Justice. Mr. Carruthers is a member of the Legislative Council, has the portfolio of Labor. Mr. Chaffey will be assistant Minister of Lands and Agriculture.

Sir Joseph Carruthers, Vice-President of the Executive Council of the Progressives, strongly favored a reduction in the number of portfolios. The retention of the full number by Sir George Fuller was considered likely to give offence to the Progressives.

Mr. Kenley, the new Minister of Works, who will control all State industries, expresses uncompromising hostility to State trading activities, stating he intends to adopt a drastic policy of non-interference with private enterprise.

There is some surprise at the appointment of Mr. Farrer, who was formerly a prominent Laborite, and who joined the Nationalists after the Labor split on the conscription issue.—Aus.-N.Z. Cable Assn.

TOO MANY MINISTERS.
COMPLAINT OF PROGRESSIVES.
Received April 14, 5.5 p.m.
Sydney, April 14.

Mr. Brunner, leader of the Progressives, says the number of new Ministers is a shock to the people. He is surprised and disappointed that no attempt has been made to reduce the number of portfolios. It seemed as if offices were created for men, instead of vice versa. The country's interests had been completely subordinated; notwithstanding the Coalition Act, only three Country Party members, of whom two are city solicitors, were included in the Ministry. Mr. Brunner subsequently paid a courtesy call on Mr. Dooley at a private hospital. The visit possesses political significance.—Aus.-N.Z. Cable Assn.

GENERAL CABLES.
DARING ROBBERY.
By Telegraph.—Press Assn.—Copyright.
Received April 13, 8.10 p.m.
London, April 12.

Two armed men entered the Sydenham Hill railway station near London at noon, pointed revolvers at the booking clerk, tied him to a chair and then rifled the till.

THE SARR DISTRICT.
Received April 13, 9.35 p.m.
Berlin, April 13.

Political parties in the Sarr district combined in sending to the League of Nations a violent protest making far-reaching charges against France, and declaring that the Sarr desires self-government under the League.

BRITISH BETTING LAW.
Received April 13, 8.10 p.m.
London, April 12.

The House of Lords read a third time Sir Muir McKenzie's Gaming Bill after abolishing the criminal amendment, providing that no action to recover betting should be entertained in any court. Mr. Ashwith declared that the law relating to cheque bets favored cheaters.

FLOUR FOR GERMANY.
Received April 13, 8.10 p.m.
Berlin, April 12.

The Government has abolished the restrictions on the importation of flour.

Ask distinctly for SANDER'S EUCALYPTI EXTRACT, or else you may receive one of the many substitutes. The GENUINE SANDER EXTRACT cures colds, fevers, indigestion; prevents infectious diseases and heals ulcers, poisoned wounds, skin diseases, burns, sprains, etc. It is much more powerfully antiseptic than the common eucalyptus and does not depress or irritate like the latter.

Democracy now, is the mountebank's game, A vague and ambiguous catchword for cranks. The cry by which rogues angry passions inflame, To stultify truth in political pranks. Democracy does not relieve our distress, Or aid us thro' errors and ills to endure; And even its votaries frankly confess, They all prefer Woods' Peppermint Cure.
